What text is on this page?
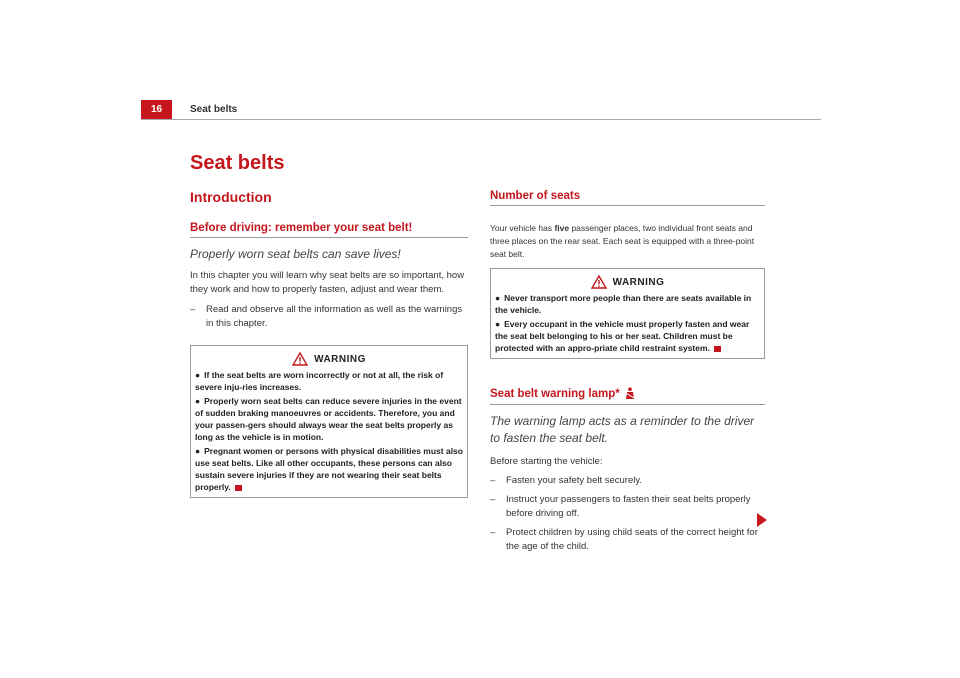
16	Seat belts
Seat belts
Introduction
Before driving: remember your seat belt!
Properly worn seat belts can save lives!
In this chapter you will learn why seat belts are so important, how they work and how to properly fasten, adjust and wear them.
– Read and observe all the information as well as the warnings in this chapter.
WARNING
● If the seat belts are worn incorrectly or not at all, the risk of severe inju-ries increases.
● Properly worn seat belts can reduce severe injuries in the event of sudden braking manoeuvres or accidents. Therefore, you and your passen-gers should always wear the seat belts properly as long as the vehicle is in motion.
● Pregnant women or persons with physical disabilities must also use seat belts. Like all other occupants, these persons can also sustain severe injuries if they are not wearing their seat belts properly.
Number of seats
Your vehicle has five passenger places, two individual front seats and three places on the rear seat. Each seat is equipped with a three-point seat belt.
WARNING
● Never transport more people than there are seats available in the vehicle.
● Every occupant in the vehicle must properly fasten and wear the seat belt belonging to his or her seat. Children must be protected with an appro-priate child restraint system.
Seat belt warning lamp*
The warning lamp acts as a reminder to the driver to fasten the seat belt.
Before starting the vehicle:
– Fasten your safety belt securely.
– Instruct your passengers to fasten their seat belts properly before driving off.
– Protect children by using child seats of the correct height for the age of the child.
